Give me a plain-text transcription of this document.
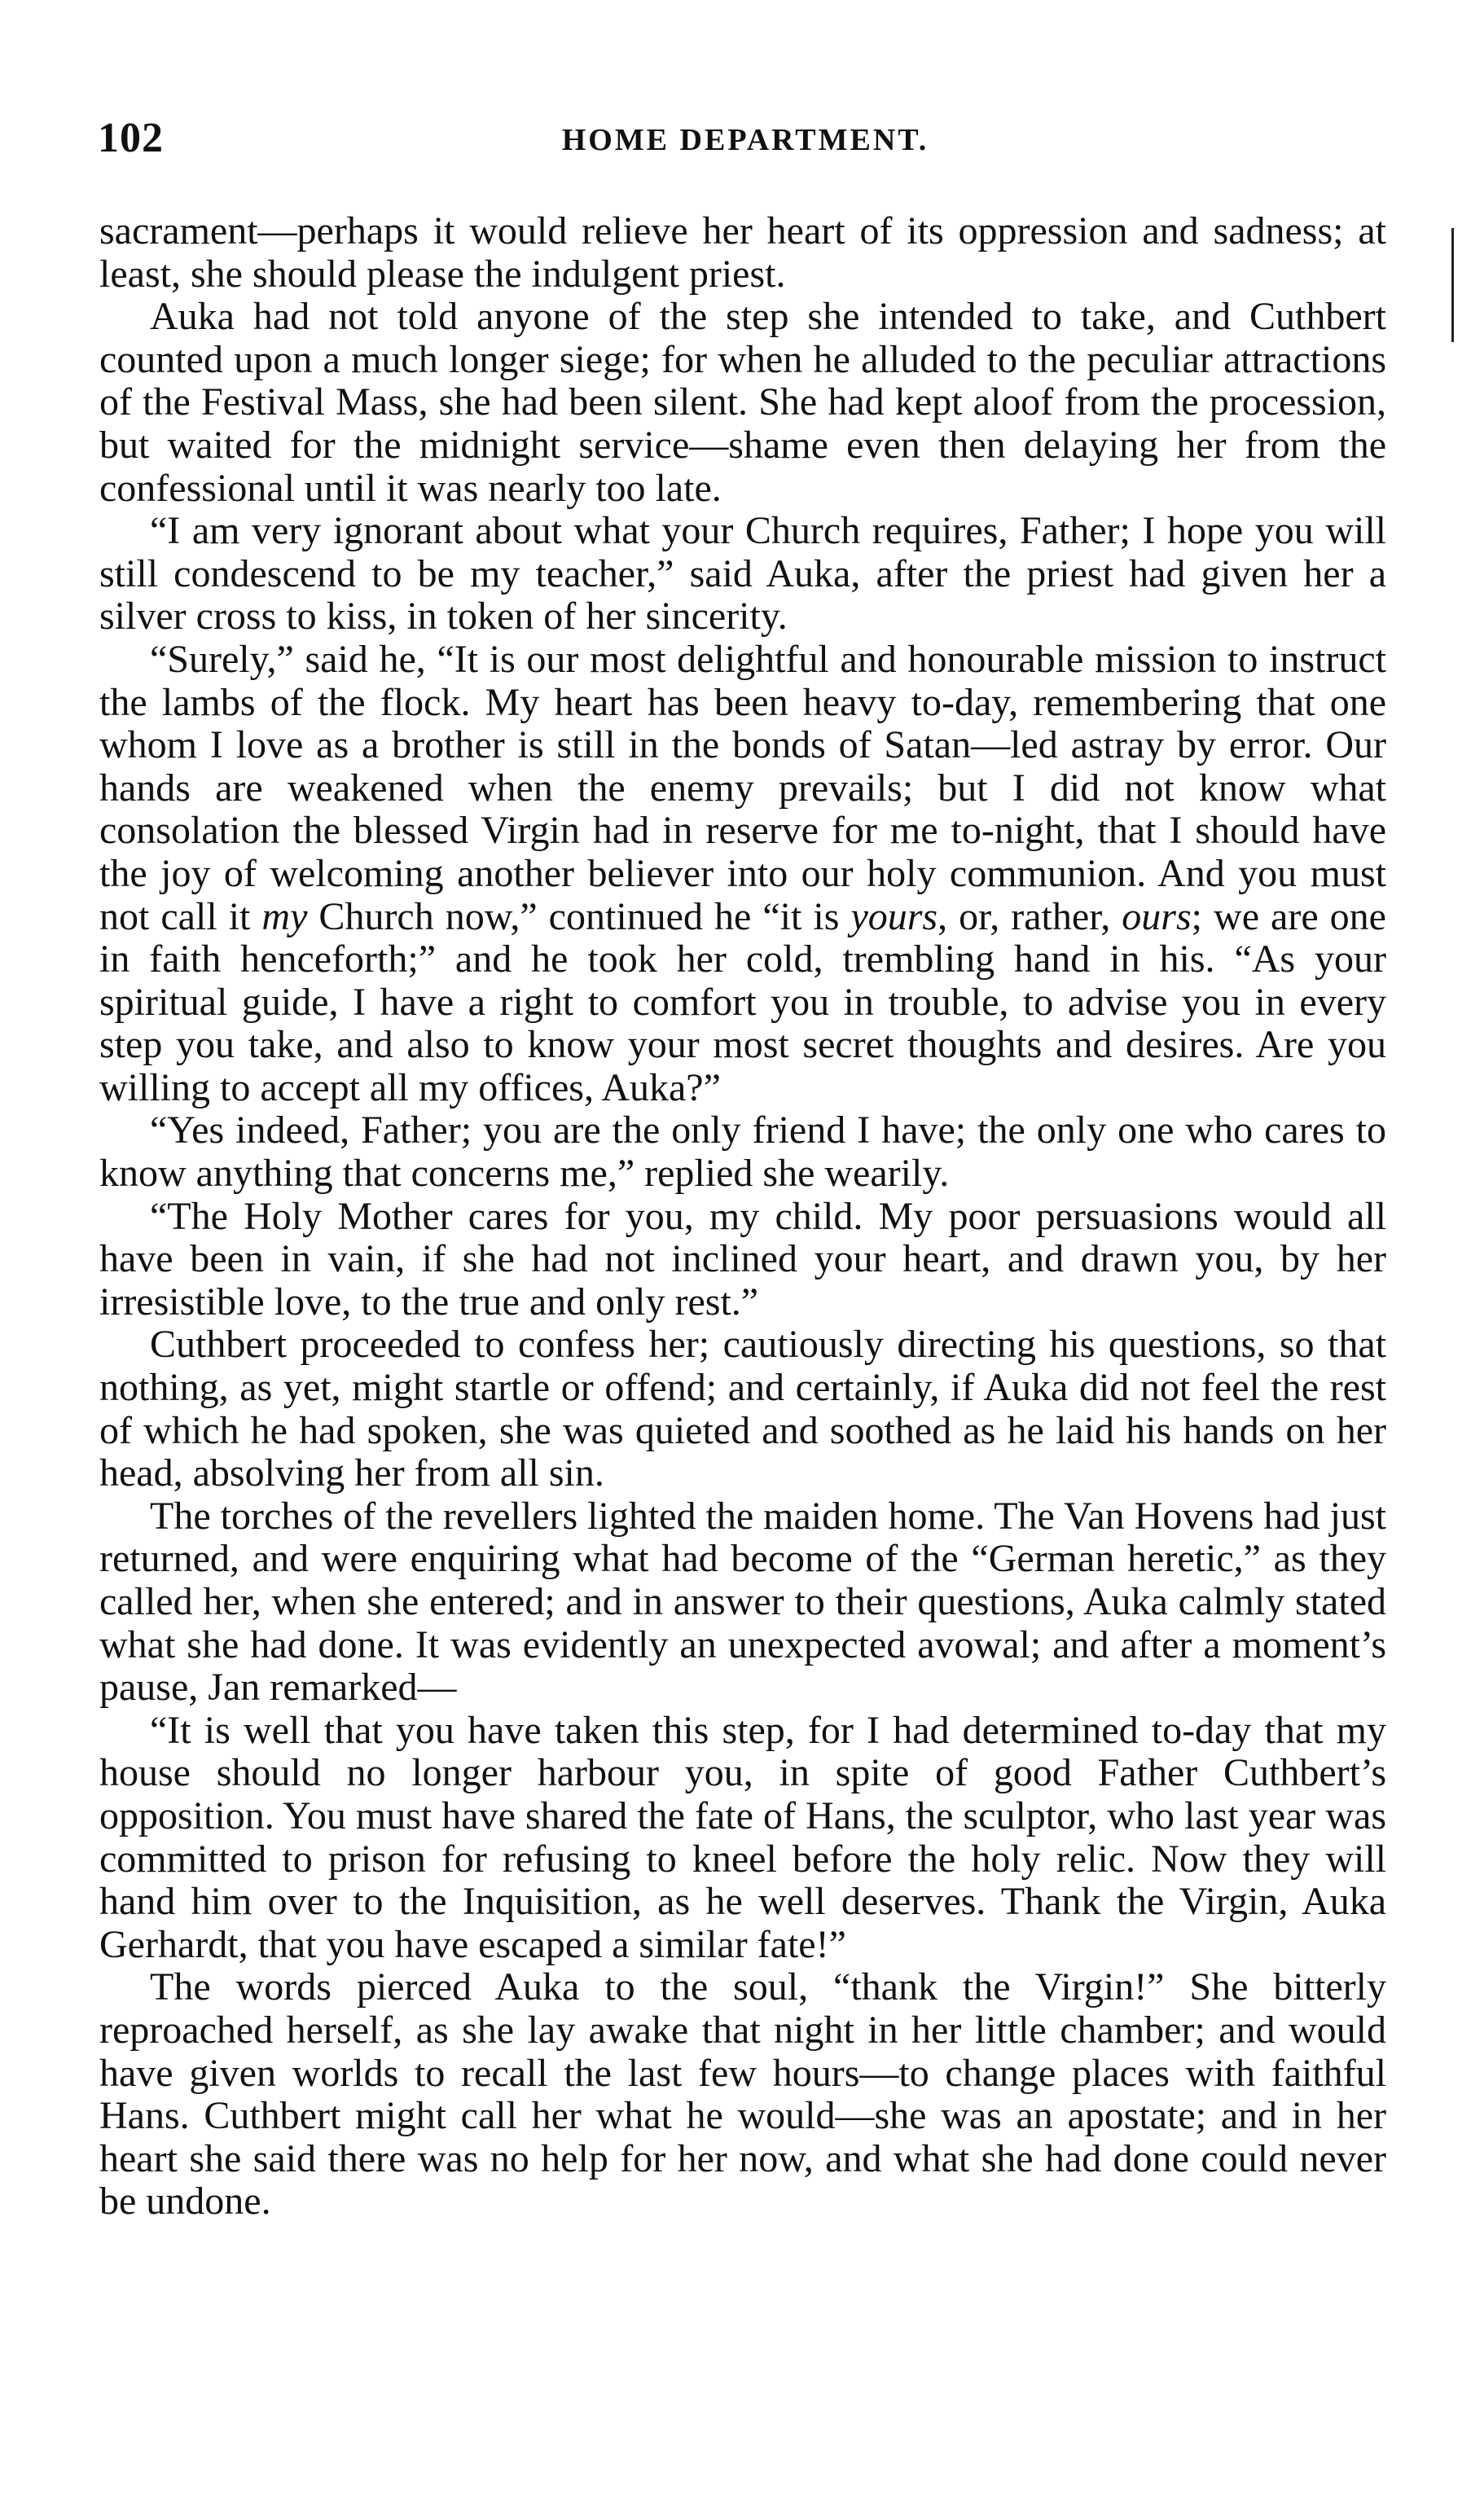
102	HOME DEPARTMENT.

sacrament—perhaps it would relieve her heart of its oppression and sadness; at least, she should please the indulgent priest.

Auka had not told anyone of the step she intended to take, and Cuthbert counted upon a much longer siege; for when he alluded to the peculiar attractions of the Festival Mass, she had been silent. She had kept aloof from the procession, but waited for the midnight service—shame even then delaying her from the confessional until it was nearly too late.

“I am very ignorant about what your Church requires, Father; I hope you will still condescend to be my teacher,” said Auka, after the priest had given her a silver cross to kiss, in token of her sincerity.

“Surely,” said he, “It is our most delightful and honourable mission to instruct the lambs of the flock. My heart has been heavy to-day, remembering that one whom I love as a brother is still in the bonds of Satan—led astray by error. Our hands are weakened when the enemy prevails; but I did not know what consolation the blessed Virgin had in reserve for me to-night, that I should have the joy of welcoming another believer into our holy communion. And you must not call it my Church now,” continued he “it is yours, or, rather, ours; we are one in faith henceforth;” and he took her cold, trembling hand in his. “As your spiritual guide, I have a right to comfort you in trouble, to advise you in every step you take, and also to know your most secret thoughts and desires. Are you willing to accept all my offices, Auka?”

“Yes indeed, Father; you are the only friend I have; the only one who cares to know anything that concerns me,” replied she wearily.

“The Holy Mother cares for you, my child. My poor persuasions would all have been in vain, if she had not inclined your heart, and drawn you, by her irresistible love, to the true and only rest.”

Cuthbert proceeded to confess her; cautiously directing his questions, so that nothing, as yet, might startle or offend; and certainly, if Auka did not feel the rest of which he had spoken, she was quieted and soothed as he laid his hands on her head, absolving her from all sin.

The torches of the revellers lighted the maiden home. The Van Hovens had just returned, and were enquiring what had become of the “German heretic,” as they called her, when she entered; and in answer to their questions, Auka calmly stated what she had done. It was evidently an unexpected avowal; and after a moment’s pause, Jan remarked—

“It is well that you have taken this step, for I had determined to-day that my house should no longer harbour you, in spite of good Father Cuthbert’s opposition. You must have shared the fate of Hans, the sculptor, who last year was committed to prison for refusing to kneel before the holy relic. Now they will hand him over to the Inquisition, as he well deserves. Thank the Virgin, Auka Gerhardt, that you have escaped a similar fate!”

The words pierced Auka to the soul, “thank the Virgin!” She bitterly reproached herself, as she lay awake that night in her little chamber; and would have given worlds to recall the last few hours—to change places with faithful Hans. Cuthbert might call her what he would—she was an apostate; and in her heart she said there was no help for her now, and what she had done could never be undone.
